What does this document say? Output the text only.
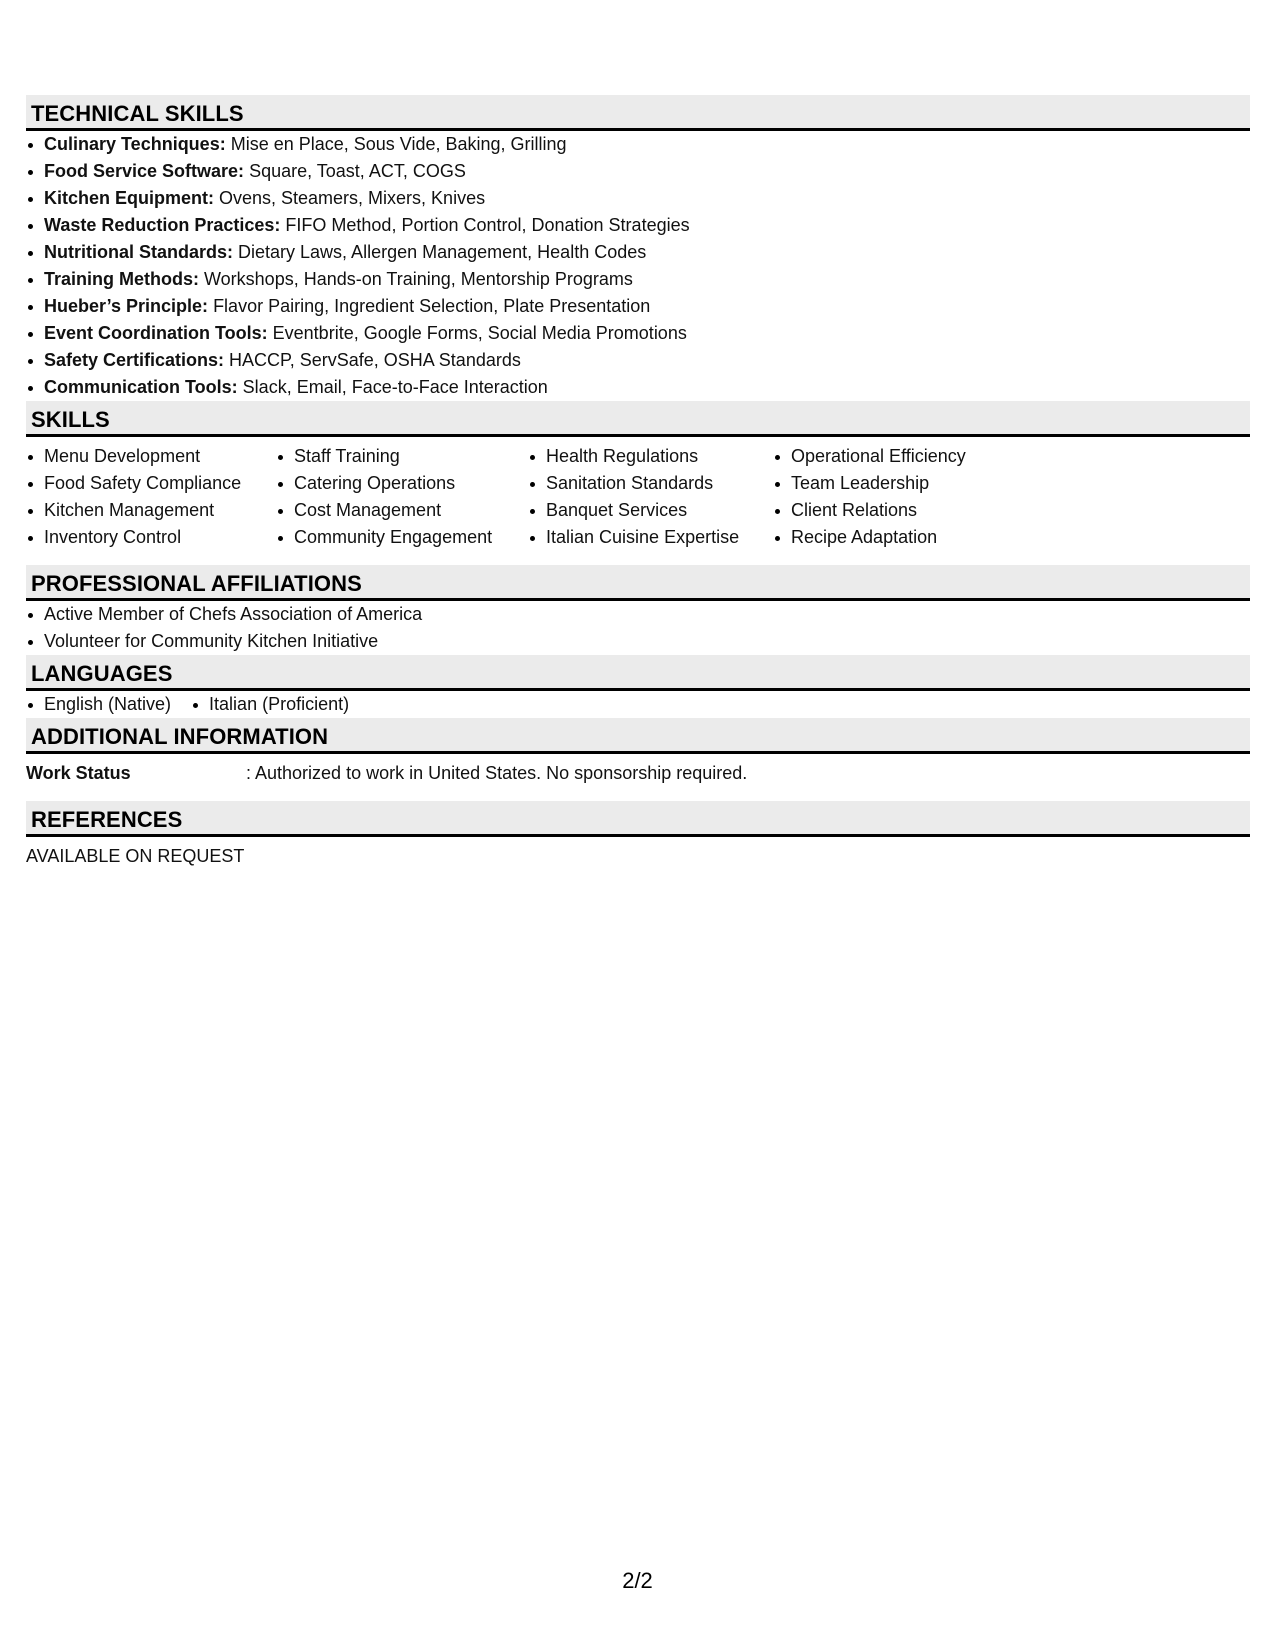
TECHNICAL SKILLS
Culinary Techniques: Mise en Place, Sous Vide, Baking, Grilling
Food Service Software: Square, Toast, ACT, COGS
Kitchen Equipment: Ovens, Steamers, Mixers, Knives
Waste Reduction Practices: FIFO Method, Portion Control, Donation Strategies
Nutritional Standards: Dietary Laws, Allergen Management, Health Codes
Training Methods: Workshops, Hands-on Training, Mentorship Programs
Hueber’s Principle: Flavor Pairing, Ingredient Selection, Plate Presentation
Event Coordination Tools: Eventbrite, Google Forms, Social Media Promotions
Safety Certifications: HACCP, ServSafe, OSHA Standards
Communication Tools: Slack, Email, Face-to-Face Interaction
SKILLS
Menu Development
Food Safety Compliance
Kitchen Management
Inventory Control
Staff Training
Catering Operations
Cost Management
Community Engagement
Health Regulations
Sanitation Standards
Banquet Services
Italian Cuisine Expertise
Operational Efficiency
Team Leadership
Client Relations
Recipe Adaptation
PROFESSIONAL AFFILIATIONS
Active Member of Chefs Association of America
Volunteer for Community Kitchen Initiative
LANGUAGES
English (Native)	Italian (Proficient)
ADDITIONAL INFORMATION
Work Status	: Authorized to work in United States. No sponsorship required.
REFERENCES
AVAILABLE ON REQUEST
2/2
